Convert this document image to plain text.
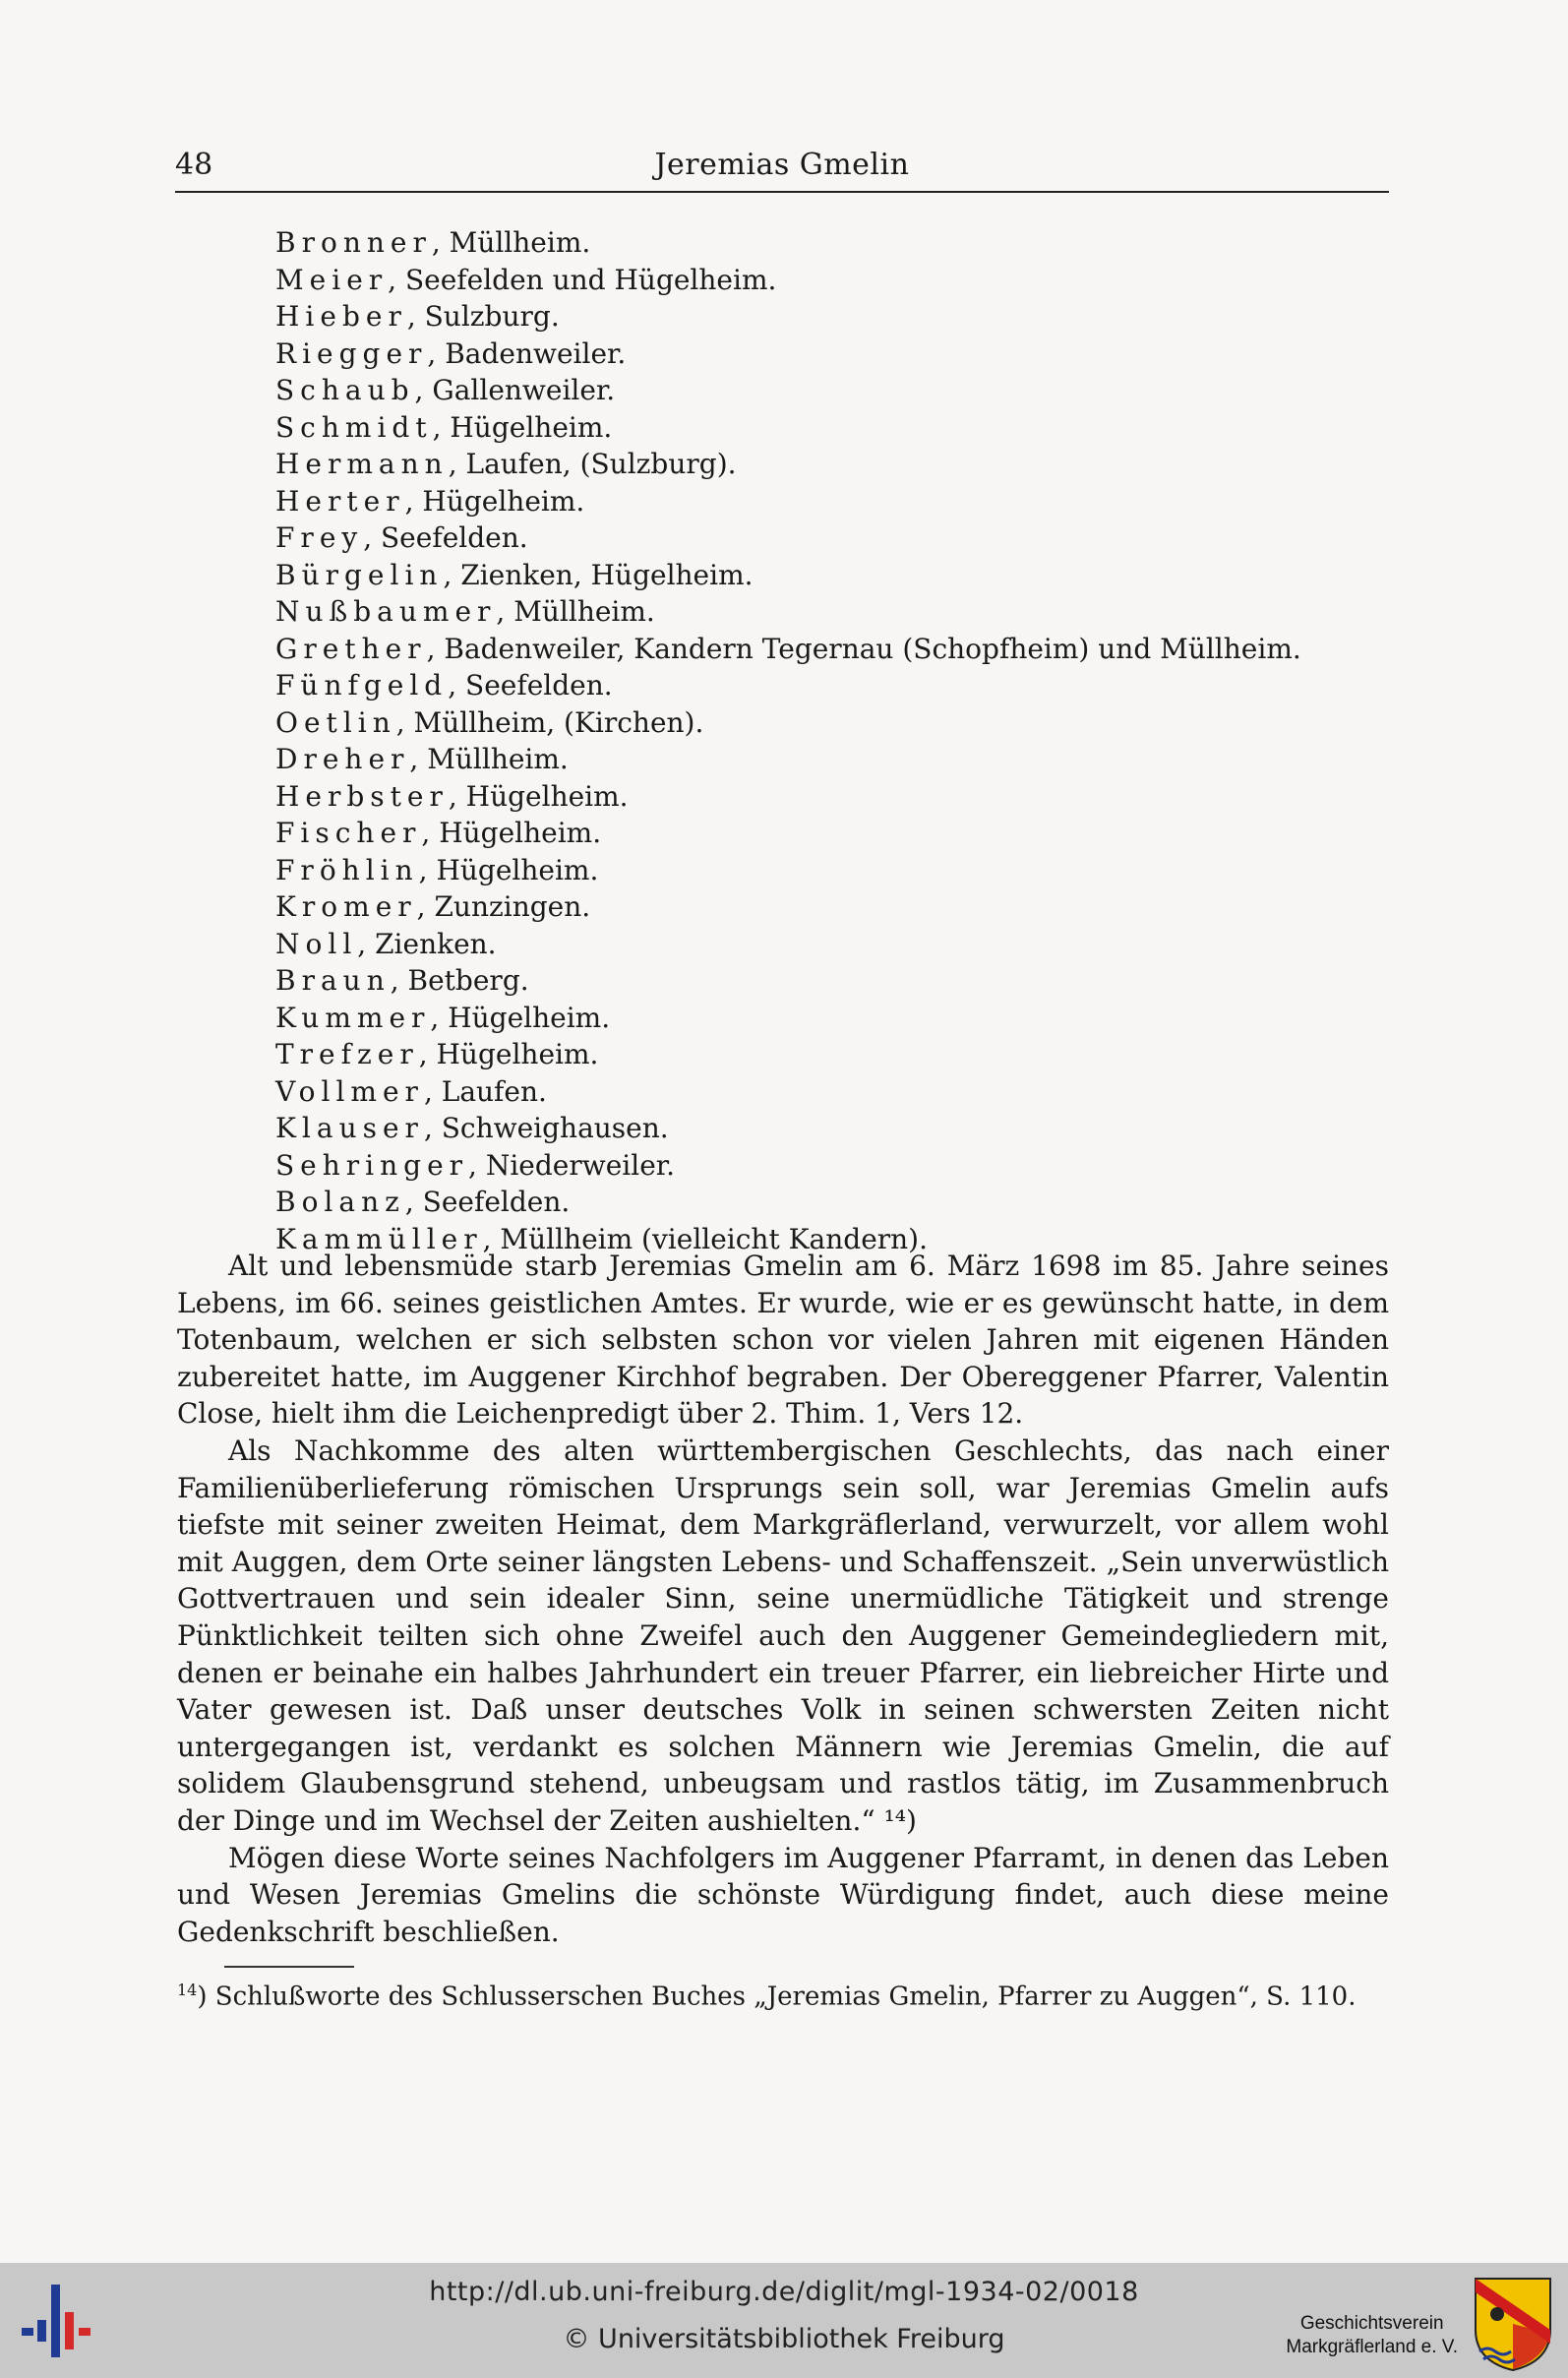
48	Jeremias Gmelin
Bronner, Müllheim.
Meier, Seefelden und Hügelheim.
Hieber, Sulzburg.
Riegger, Badenweiler.
Schaub, Gallenweiler.
Schmidt, Hügelheim.
Hermann, Laufen, (Sulzburg).
Herter, Hügelheim.
Frey, Seefelden.
Bürgelin, Zienken, Hügelheim.
Nußbaumer, Müllheim.
Grether, Badenweiler, Kandern Tegernau (Schopfheim) und Müllheim.
Fünfgeld, Seefelden.
Oetlin, Müllheim, (Kirchen).
Dreher, Müllheim.
Herbster, Hügelheim.
Fischer, Hügelheim.
Fröhlin, Hügelheim.
Kromer, Zunzingen.
Noll, Zienken.
Braun, Betberg.
Kummer, Hügelheim.
Trefzer, Hügelheim.
Vollmer, Laufen.
Klauser, Schweighausen.
Sehringer, Niederweiler.
Bolanz, Seefelden.
Kammüller, Müllheim (vielleicht Kandern).

Alt und lebensmüde starb Jeremias Gmelin am 6. März 1698 im 85. Jahre seines Lebens, im 66. seines geistlichen Amtes. Er wurde, wie er es gewünscht hatte, in dem Totenbaum, welchen er sich selbsten schon vor vielen Jahren mit eigenen Händen zubereitet hatte, im Auggener Kirchhof begraben. Der Obereggener Pfarrer, Valentin Close, hielt ihm die Leichenpredigt über 2. Thim. 1, Vers 12.

Als Nachkomme des alten württembergischen Geschlechts, das nach einer Familienüberlieferung römischen Ursprungs sein soll, war Jeremias Gmelin aufs tiefste mit seiner zweiten Heimat, dem Markgräflerland, verwurzelt, vor allem wohl mit Auggen, dem Orte seiner längsten Lebens- und Schaffenszeit. „Sein unverwüstlich Gottvertrauen und sein idealer Sinn, seine unermüdliche Tätigkeit und strenge Pünktlichkeit teilten sich ohne Zweifel auch den Auggener Gemeindegliedern mit, denen er beinahe ein halbes Jahrhundert ein treuer Pfarrer, ein liebreicher Hirte und Vater gewesen ist. Daß unser deutsches Volk in seinen schwersten Zeiten nicht untergegangen ist, verdankt es solchen Männern wie Jeremias Gmelin, die auf solidem Glaubensgrund stehend, unbeugsam und rastlos tätig, im Zusammenbruch der Dinge und im Wechsel der Zeiten aushielten.“ ¹⁴)

Mögen diese Worte seines Nachfolgers im Auggener Pfarramt, in denen das Leben und Wesen Jeremias Gmelins die schönste Würdigung findet, auch diese meine Gedenkschrift beschließen.

$^{14}$) Schlußworte des Schlusserschen Buches „Jeremias Gmelin, Pfarrer zu Auggen“, S. 110.
http://dl.ub.uni-freiburg.de/diglit/mgl-1934-02/0018
© Universitätsbibliothek Freiburg
Geschichtsverein
Markgräflerland e. V.
